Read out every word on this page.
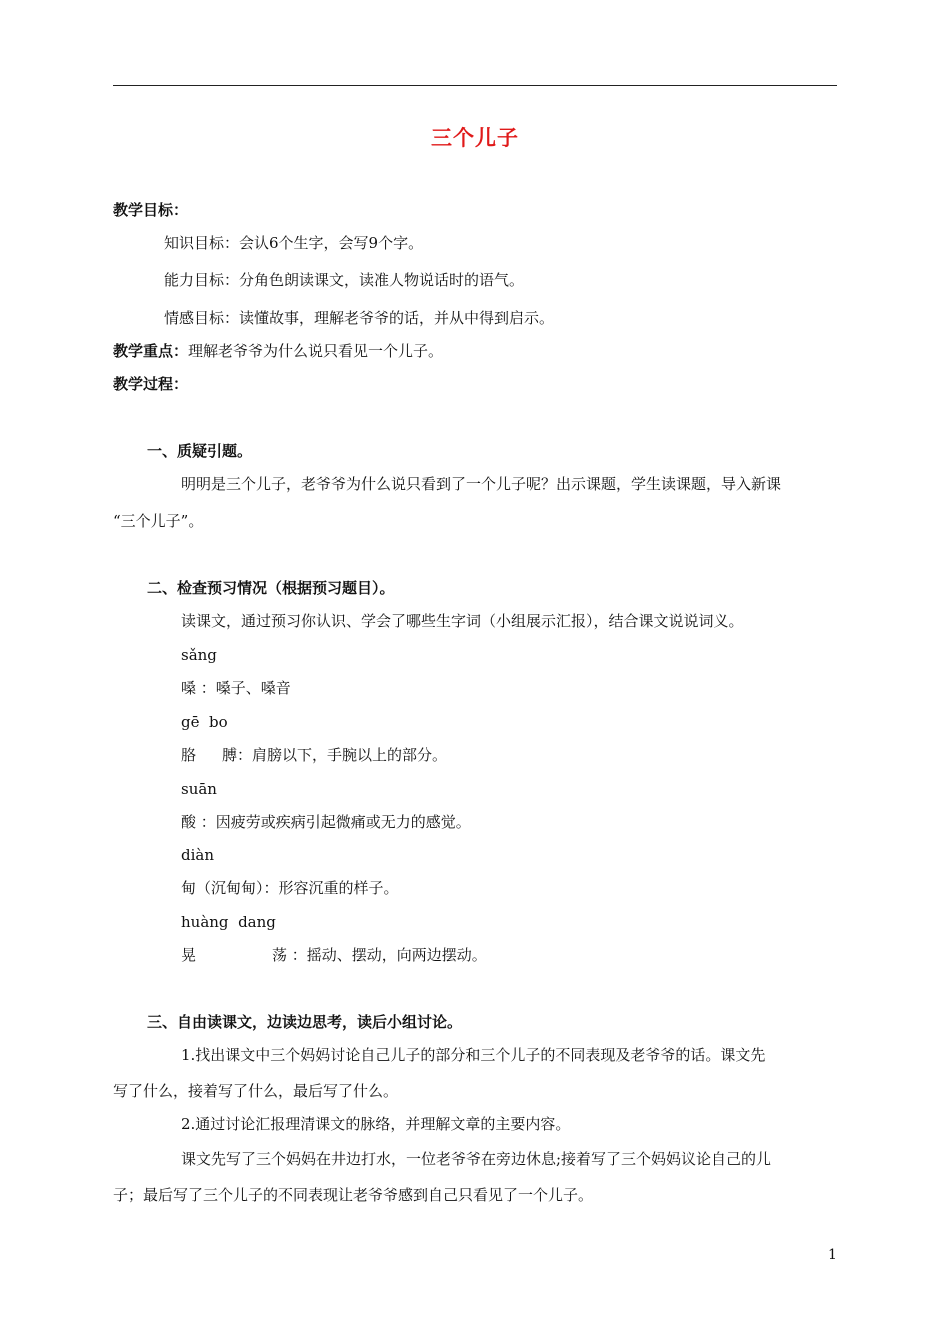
三个儿子
教学目标：
知识目标：会认6个生字，会写9个字。
能力目标：分角色朗读课文，读准人物说话时的语气。
情感目标：读懂故事，理解老爷爷的话，并从中得到启示。
教学重点：理解老爷爷为什么说只看见一个儿子。
教学过程：
一、质疑引题。
明明是三个儿子，老爷爷为什么说只看到了一个儿子呢？出示课题，学生读课题，导入新课
“三个儿子”。
二、检查预习情况（根据预习题目）。
读课文，通过预习你认识、学会了哪些生字词（小组展示汇报），结合课文说说词义。
sǎng
嗓 ：嗓子、嗓音
gē  bo
胳 膊：肩膀以下，手腕以上的部分。
suān
酸 ：因疲劳或疾病引起微痛或无力的感觉。
diàn
甸（沉甸甸）：形容沉重的样子。
huàng  dang
晃	荡 ：摇动、摆动，向两边摆动。
三、自由读课文，边读边思考，读后小组讨论。
1.找出课文中三个妈妈讨论自己儿子的部分和三个儿子的不同表现及老爷爷的话。课文先
写了什么，接着写了什么，最后写了什么。
2.通过讨论汇报理清课文的脉络，并理解文章的主要内容。
课文先写了三个妈妈在井边打水，一位老爷爷在旁边休息;接着写了三个妈妈议论自己的儿
子；最后写了三个儿子的不同表现让老爷爷感到自己只看见了一个儿子。
1
